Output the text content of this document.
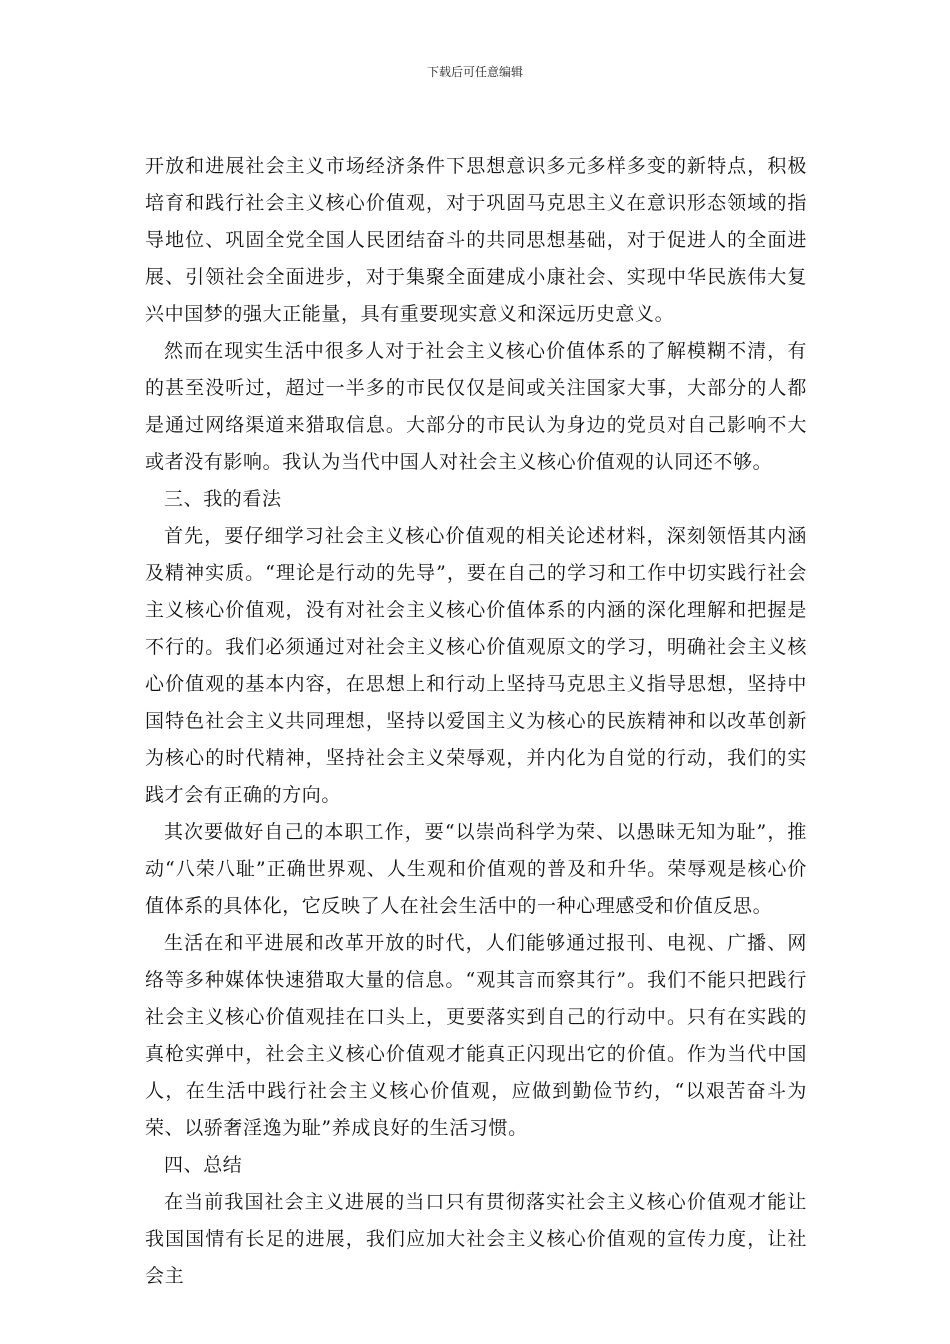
下载后可任意编辑

开放和进展社会主义市场经济条件下思想意识多元多样多变的新特点，积极培育和践行社会主义核心价值观，对于巩固马克思主义在意识形态领域的指导地位、巩固全党全国人民团结奋斗的共同思想基础，对于促进人的全面进展、引领社会全面进步，对于集聚全面建成小康社会、实现中华民族伟大复兴中国梦的强大正能量，具有重要现实意义和深远历史意义。

然而在现实生活中很多人对于社会主义核心价值体系的了解模糊不清，有的甚至没听过，超过一半多的市民仅仅是间或关注国家大事，大部分的人都是通过网络渠道来猎取信息。大部分的市民认为身边的党员对自己影响不大或者没有影响。我认为当代中国人对社会主义核心价值观的认同还不够。

三、我的看法

首先，要仔细学习社会主义核心价值观的相关论述材料，深刻领悟其内涵及精神实质。“理论是行动的先导”，要在自己的学习和工作中切实践行社会主义核心价值观，没有对社会主义核心价值体系的内涵的深化理解和把握是不行的。我们必须通过对社会主义核心价值观原文的学习，明确社会主义核心价值观的基本内容，在思想上和行动上坚持马克思主义指导思想，坚持中国特色社会主义共同理想，坚持以爱国主义为核心的民族精神和以改革创新为核心的时代精神，坚持社会主义荣辱观，并内化为自觉的行动，我们的实践才会有正确的方向。

其次要做好自己的本职工作，要“以崇尚科学为荣、以愚昧无知为耻”，推动“八荣八耻”正确世界观、人生观和价值观的普及和升华。荣辱观是核心价值体系的具体化，它反映了人在社会生活中的一种心理感受和价值反思。

生活在和平进展和改革开放的时代，人们能够通过报刊、电视、广播、网络等多种媒体快速猎取大量的信息。“观其言而察其行”。我们不能只把践行社会主义核心价值观挂在口头上，更要落实到自己的行动中。只有在实践的真枪实弹中，社会主义核心价值观才能真正闪现出它的价值。作为当代中国人，在生活中践行社会主义核心价值观，应做到勤俭节约，“以艰苦奋斗为荣、以骄奢淫逸为耻”养成良好的生活习惯。

四、总结

在当前我国社会主义进展的当口只有贯彻落实社会主义核心价值观才能让我国国情有长足的进展，我们应加大社会主义核心价值观的宣传力度，让社会主
